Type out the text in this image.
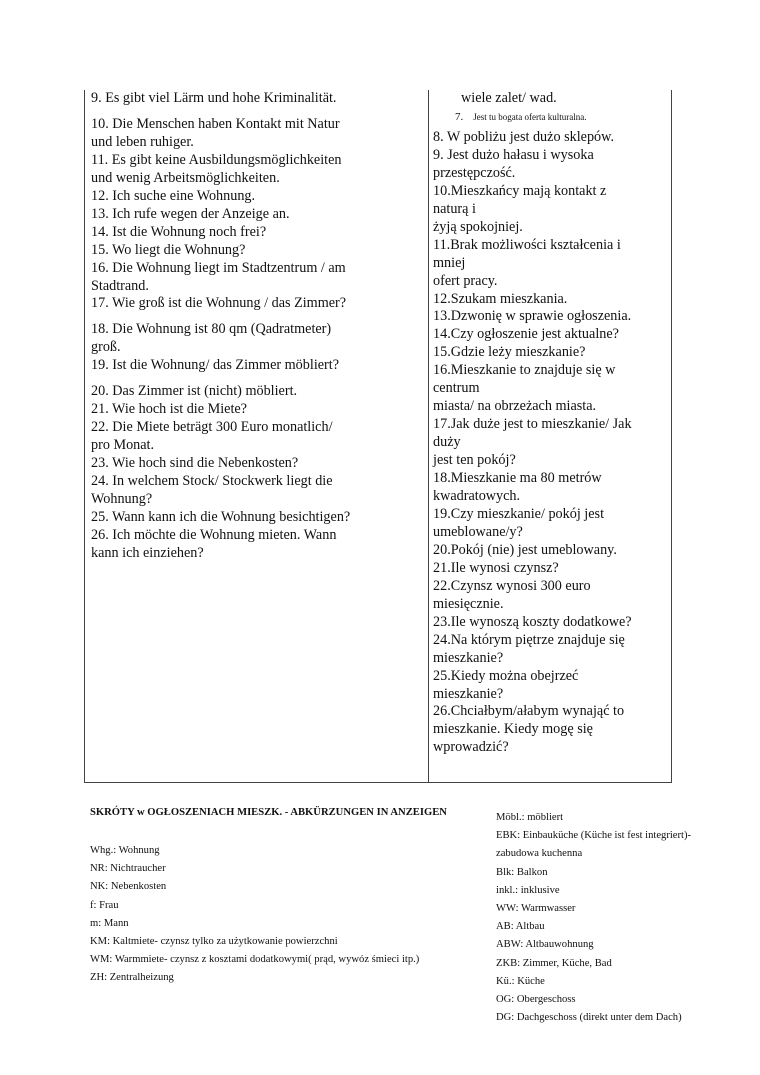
9. Es gibt viel Lärm und hohe Kriminalität.
10. Die Menschen haben Kontakt mit Natur
und leben ruhiger.
11. Es gibt keine Ausbildungsmöglichkeiten
und wenig Arbeitsmöglichkeiten.
12. Ich suche eine Wohnung.
13. Ich rufe wegen der Anzeige an.
14. Ist die Wohnung noch frei?
15. Wo liegt die Wohnung?
16. Die Wohnung liegt im Stadtzentrum / am
Stadtrand.
17. Wie groß ist die Wohnung / das Zimmer?
18. Die Wohnung ist 80 qm (Qadratmeter)
groß.
19. Ist die Wohnung/ das Zimmer möbliert?
20. Das Zimmer ist (nicht) möbliert.
21. Wie hoch ist die Miete?
22. Die Miete beträgt 300 Euro monatlich/
pro Monat.
23. Wie hoch sind die Nebenkosten?
24. In welchem Stock/ Stockwerk liegt die
Wohnung?
25. Wann kann ich die Wohnung besichtigen?
26. Ich möchte die Wohnung mieten. Wann
kann ich einziehen?
wiele zalet/ wad.
7. Jest tu bogata oferta kulturalna.
8. W pobliżu jest dużo sklepów.
9. Jest dużo hałasu i wysoka
przestępczość.
10.Mieszkańcy mają kontakt z
naturą i
żyją spokojniej.
11.Brak możliwości kształcenia i
mniej
ofert pracy.
12.Szukam mieszkania.
13.Dzwonię w sprawie ogłoszenia.
14.Czy ogłoszenie jest aktualne?
15.Gdzie leży mieszkanie?
16.Mieszkanie to znajduje się w
centrum
miasta/ na obrzeżach miasta.
17.Jak duże jest to mieszkanie/ Jak
duży
jest ten pokój?
18.Mieszkanie ma 80 metrów
kwadratowych.
19.Czy mieszkanie/ pokój jest
umeblowane/y?
20.Pokój (nie) jest umeblowany.
21.Ile wynosi czynsz?
22.Czynsz wynosi 300 euro
miesięcznie.
23.Ile wynoszą koszty dodatkowe?
24.Na którym piętrze znajduje się
mieszkanie?
25.Kiedy można obejrzeć
mieszkanie?
26.Chciałbym/ałabym wynająć to
mieszkanie. Kiedy mogę się
wprowadzić?
SKRÓTY w OGŁOSZENIACH MIESZK. - ABKÜRZUNGEN IN ANZEIGEN
Whg.: Wohnung
NR: Nichtraucher
NK: Nebenkosten
f: Frau
m: Mann
KM: Kaltmiete- czynsz tylko za użytkowanie powierzchni
WM: Warmmiete- czynsz z kosztami dodatkowymi( prąd, wywóz śmieci itp.)
ZH: Zentralheizung
Möbl.: möbliert
EBK: Einbauküche (Küche ist fest integriert)-
zabudowa kuchenna
Blk: Balkon
inkl.: inklusive
WW: Warmwasser
AB: Altbau
ABW: Altbauwohnung
ZKB: Zimmer, Küche, Bad
Kü.: Küche
OG: Obergeschoss
DG: Dachgeschoss (direkt unter dem Dach)
